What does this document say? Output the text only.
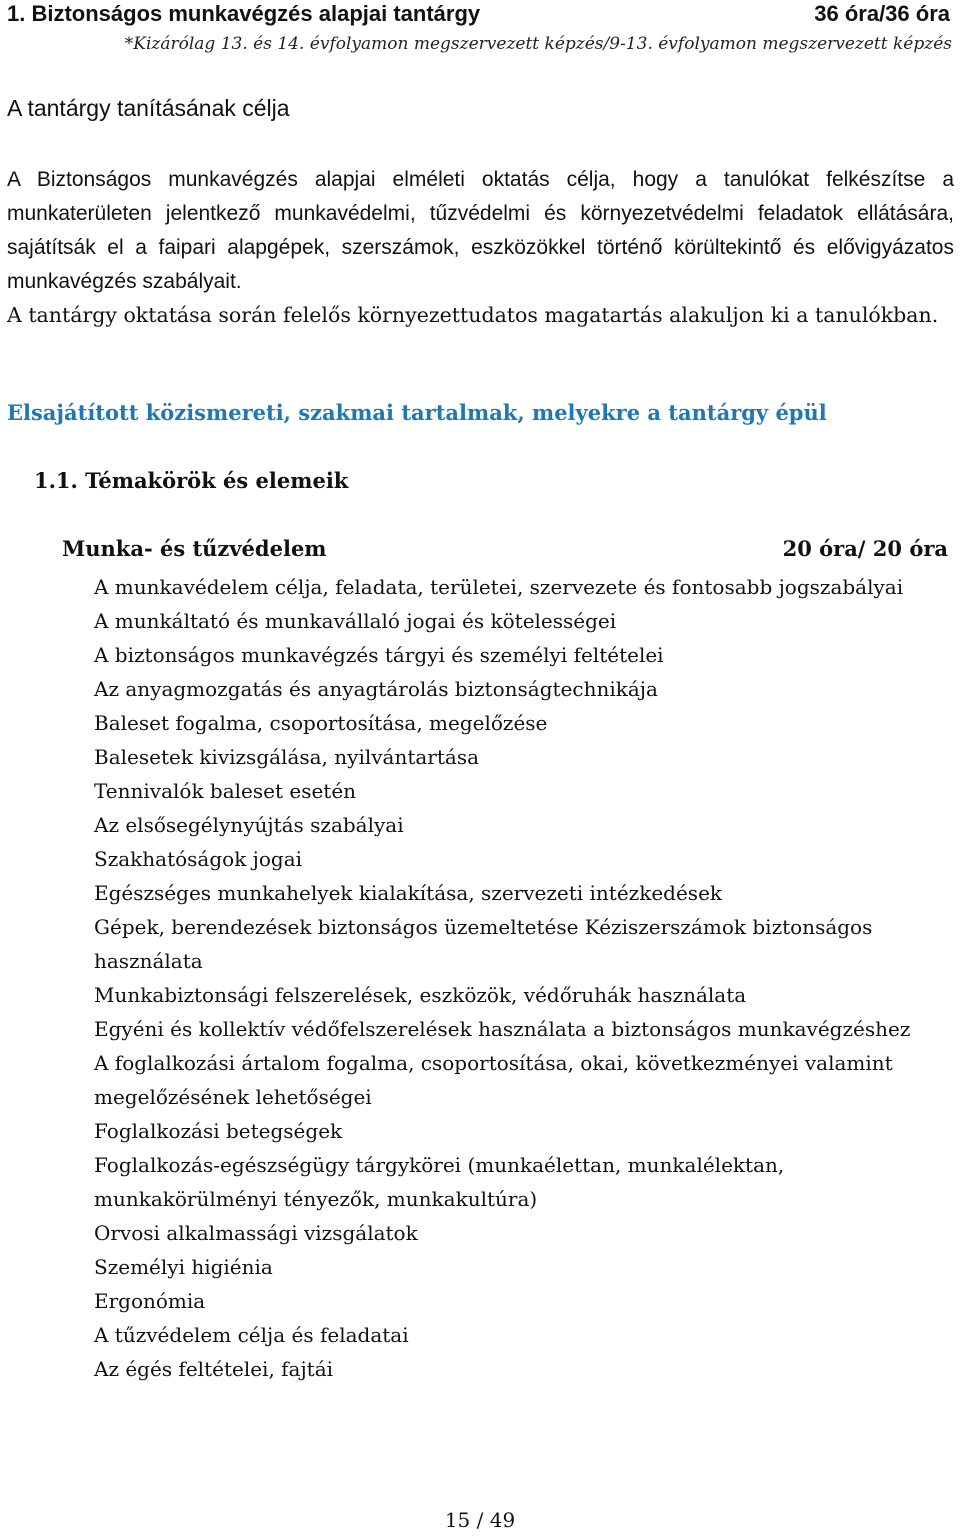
1. Biztonságos munkavégzés alapjai tantárgy	36 óra/36 óra
*Kizárólag 13. és 14. évfolyamon megszervezett képzés/9-13. évfolyamon megszervezett képzés
A tantárgy tanításának célja
A Biztonságos munkavégzés alapjai elméleti oktatás célja, hogy a tanulókat felkészítse a munkaterületen jelentkező munkavédelmi, tűzvédelmi és környezetvédelmi feladatok ellátására, sajátítsák el a faipari alapgépek, szerszámok, eszközökkel történő körültekintő és elővigyázatos munkavégzés szabályait.
A tantárgy oktatása során felelős környezettudatos magatartás alakuljon ki a tanulókban.
Elsajátított közismereti, szakmai tartalmak, melyekre a tantárgy épül
1.1. Témakörök és elemeik
Munka- és tűzvédelem	20 óra/ 20 óra
A munkavédelem célja, feladata, területei, szervezete és fontosabb jogszabályai
A munkáltató és munkavállaló jogai és kötelességei
A biztonságos munkavégzés tárgyi és személyi feltételei
Az anyagmozgatás és anyagtárolás biztonságtechnikája
Baleset fogalma, csoportosítása, megelőzése
Balesetek kivizsgálása, nyilvántartása
Tennivalók baleset esetén
Az elsősegélynyújtás szabályai
Szakhatóságok jogai
Egészséges munkahelyek kialakítása, szervezeti intézkedések
Gépek, berendezések biztonságos üzemeltetése Kéziszerszámok biztonságos használata
Munkabiztonsági felszerelések, eszközök, védőruhák használata
Egyéni és kollektív védőfelszerelések használata a biztonságos munkavégzéshez
A foglalkozási ártalom fogalma, csoportosítása, okai, következményei valamint megelőzésének lehetőségei
Foglalkozási betegségek
Foglalkozás-egészségügy tárgykörei (munkaélettan, munkalélektan, munkakörülményi tényezők, munkakultúra)
Orvosi alkalmassági vizsgálatok
Személyi higiénia
Ergonómia
A tűzvédelem célja és feladatai
Az égés feltételei, fajtái
15 / 49
